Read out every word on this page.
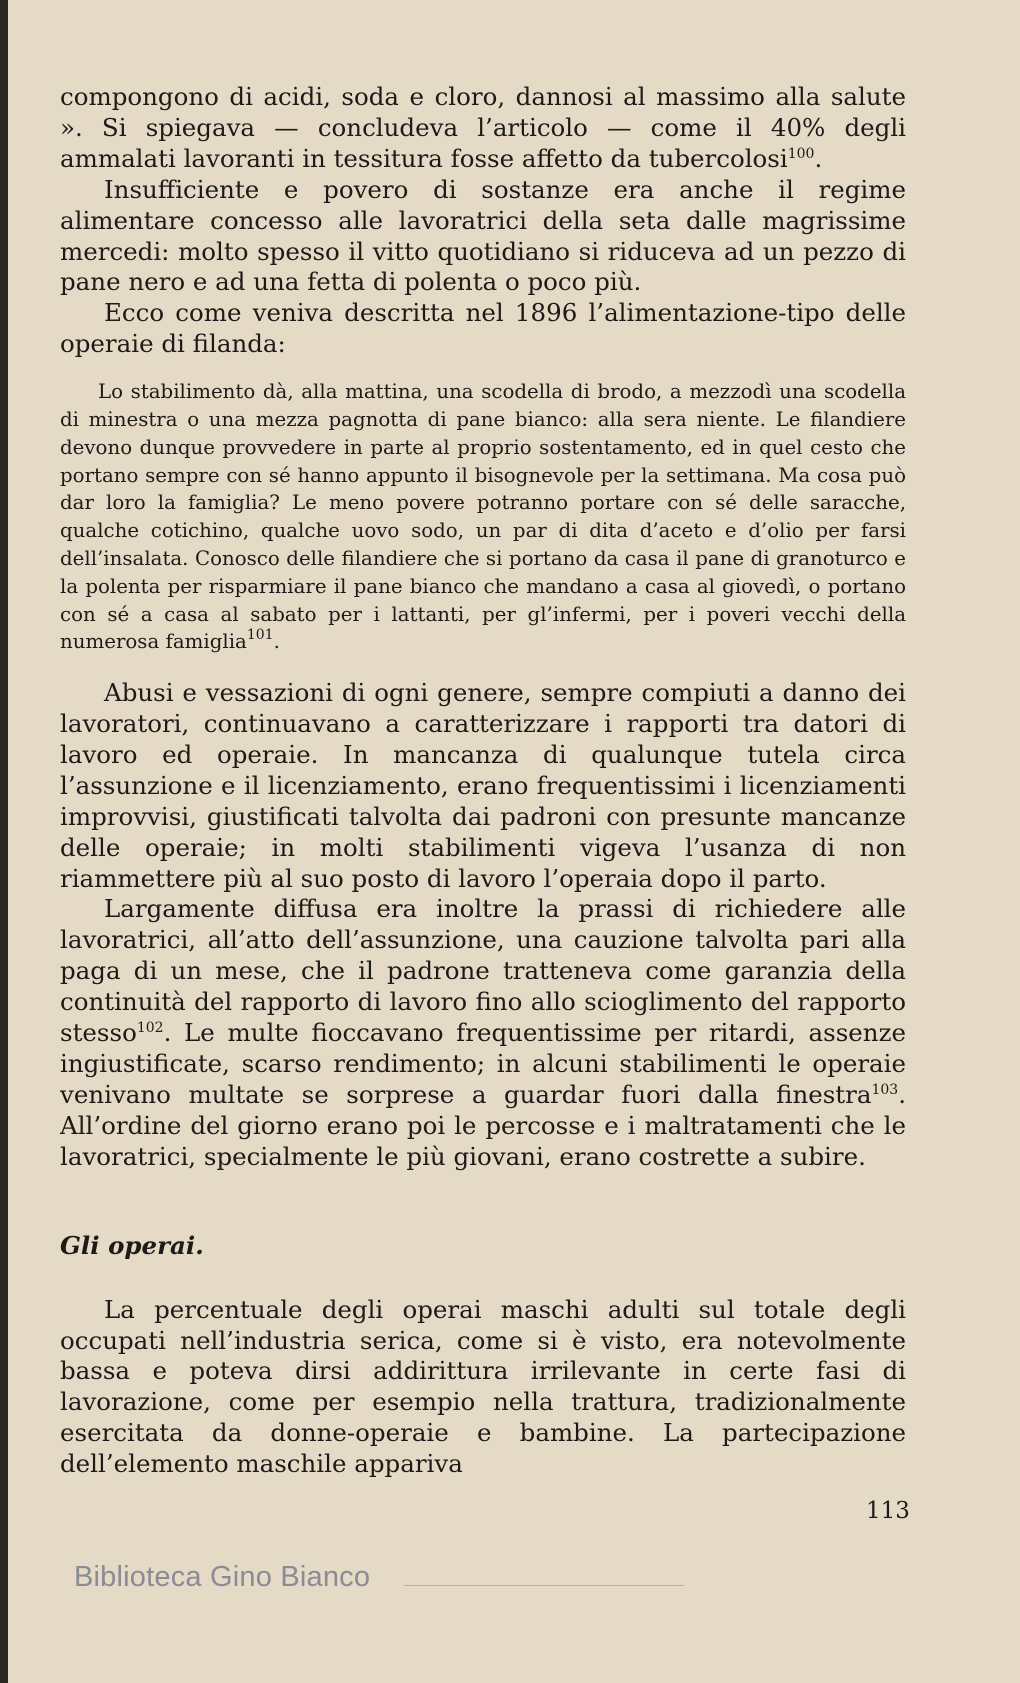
compongono di acidi, soda e cloro, dannosi al massimo alla salute ». Si spiegava — concludeva l’articolo — come il 40% degli ammalati lavoranti in tessitura fosse affetto da tubercolosi$^{100}$.

Insufficiente e povero di sostanze era anche il regime alimentare concesso alle lavoratrici della seta dalle magrissime mercedi: molto spesso il vitto quotidiano si riduceva ad un pezzo di pane nero e ad una fetta di polenta o poco più.

Ecco come veniva descritta nel 1896 l’alimentazione-tipo delle operaie di filanda:

Lo stabilimento dà, alla mattina, una scodella di brodo, a mezzodì una scodella di minestra o una mezza pagnotta di pane bianco: alla sera niente. Le filandiere devono dunque provvedere in parte al proprio sostentamento, ed in quel cesto che portano sempre con sé hanno appunto il bisognevole per la settimana. Ma cosa può dar loro la famiglia? Le meno povere potranno portare con sé delle saracche, qualche cotichino, qualche uovo sodo, un par di dita d’aceto e d’olio per farsi dell’insalata. Conosco delle filandiere che si portano da casa il pane di granoturco e la polenta per risparmiare il pane bianco che mandano a casa al giovedì, o portano con sé a casa al sabato per i lattanti, per gl’infermi, per i poveri vecchi della numerosa famiglia$^{101}$.

Abusi e vessazioni di ogni genere, sempre compiuti a danno dei lavoratori, continuavano a caratterizzare i rapporti tra datori di lavoro ed operaie. In mancanza di qualunque tutela circa l’assunzione e il licenziamento, erano frequentissimi i licenziamenti improvvisi, giustificati talvolta dai padroni con presunte mancanze delle operaie; in molti stabilimenti vigeva l’usanza di non riammettere più al suo posto di lavoro l’operaia dopo il parto.

Largamente diffusa era inoltre la prassi di richiedere alle lavoratrici, all’atto dell’assunzione, una cauzione talvolta pari alla paga di un mese, che il padrone tratteneva come garanzia della continuità del rapporto di lavoro fino allo scioglimento del rapporto stesso$^{102}$. Le multe fioccavano frequentissime per ritardi, assenze ingiustificate, scarso rendimento; in alcuni stabilimenti le operaie venivano multate se sorprese a guardar fuori dalla finestra$^{103}$. All’ordine del giorno erano poi le percosse e i maltratamenti che le lavoratrici, specialmente le più giovani, erano costrette a subire.

Gli operai.

La percentuale degli operai maschi adulti sul totale degli occupati nell’industria serica, come si è visto, era notevolmente bassa e poteva dirsi addirittura irrilevante in certe fasi di lavorazione, come per esempio nella trattura, tradizionalmente esercitata da donne-operaie e bambine. La partecipazione dell’elemento maschile appariva

113
Biblioteca Gino Bianco
